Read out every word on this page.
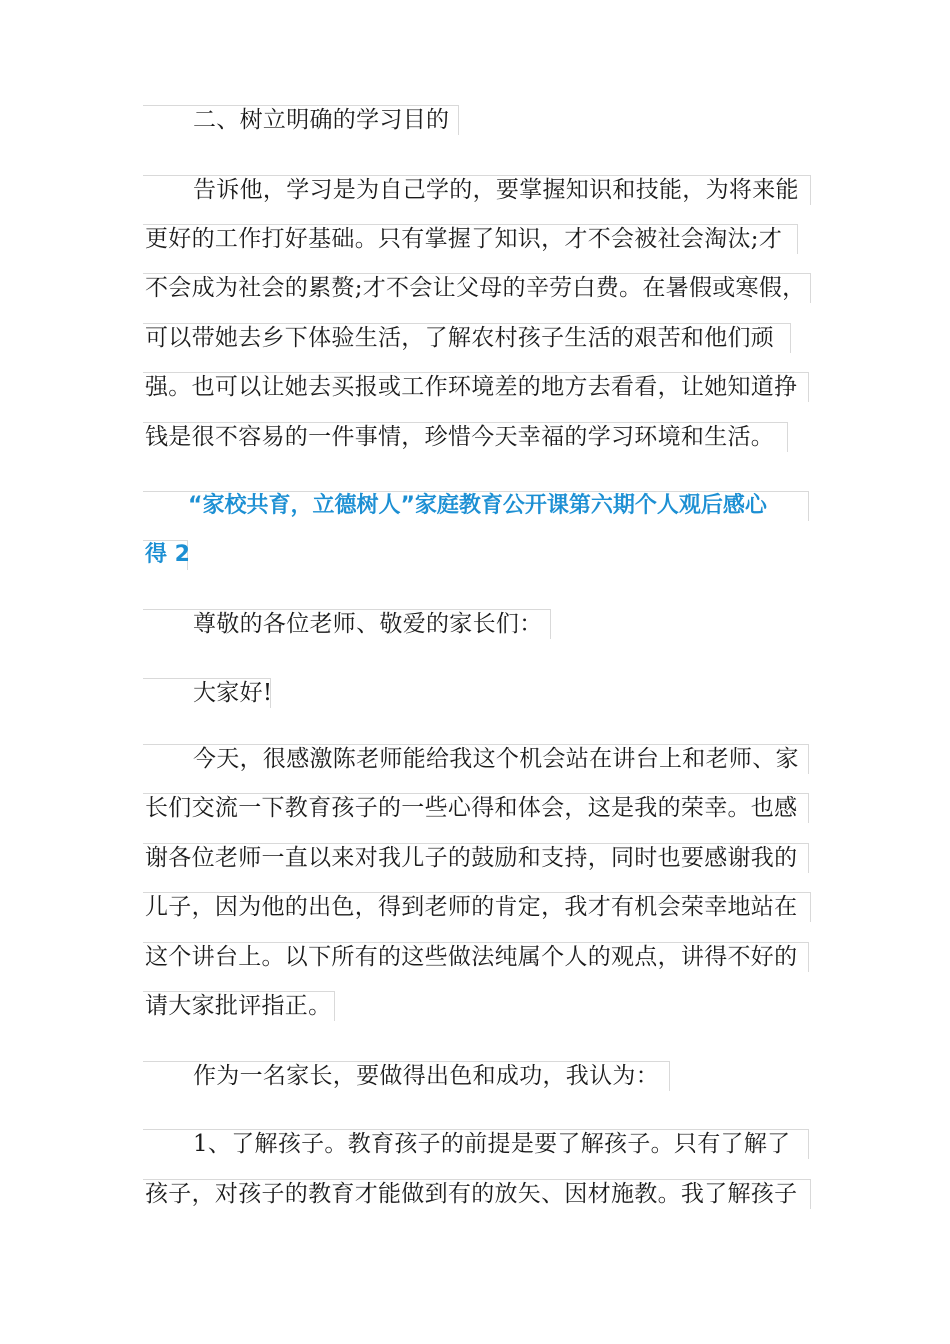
二、树立明确的学习目的
告诉他，学习是为自己学的，要掌握知识和技能，为将来能
更好的工作打好基础。只有掌握了知识，才不会被社会淘汰;才
不会成为社会的累赘;才不会让父母的辛劳白费。在暑假或寒假，
可以带她去乡下体验生活，了解农村孩子生活的艰苦和他们顽
强。也可以让她去买报或工作环境差的地方去看看，让她知道挣
钱是很不容易的一件事情，珍惜今天幸福的学习环境和生活。
“家校共育，立德树人”家庭教育公开课第六期个人观后感心
得 2
尊敬的各位老师、敬爱的家长们：
大家好!
今天，很感激陈老师能给我这个机会站在讲台上和老师、家
长们交流一下教育孩子的一些心得和体会，这是我的荣幸。也感
谢各位老师一直以来对我儿子的鼓励和支持，同时也要感谢我的
儿子，因为他的出色，得到老师的肯定，我才有机会荣幸地站在
这个讲台上。以下所有的这些做法纯属个人的观点，讲得不好的
请大家批评指正。
作为一名家长，要做得出色和成功，我认为：
1、了解孩子。教育孩子的前提是要了解孩子。只有了解了
孩子，对孩子的教育才能做到有的放矢、因材施教。我了解孩子
